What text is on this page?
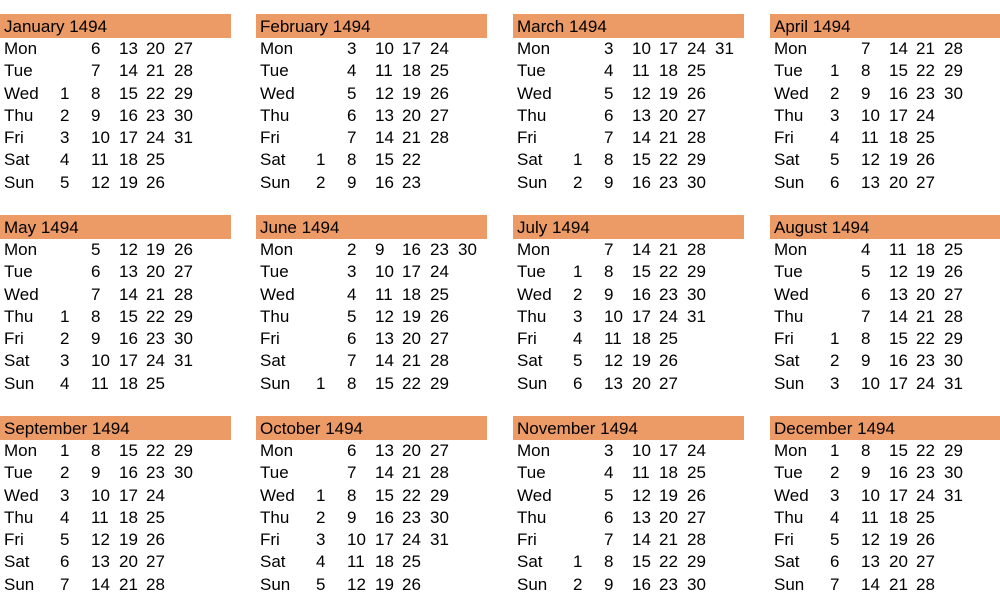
January 1494
Mon	6 13 20 27
Tue	7 14 21 28
Wed 1 8 15 22 29
Thu 2 9 16 23 30
Fri 3 10 17 24 31
Sat 4 11 18 25
Sun 5 12 19 26
February 1494
Mon	3 10 17 24
Tue	4 11 18 25
Wed	5 12 19 26
Thu	6 13 20 27
Fri	7 14 21 28
Sat 1 8 15 22
Sun 2 9 16 23
March 1494
Mon	3 10 17 24 31
Tue	4 11 18 25
Wed	5 12 19 26
Thu	6 13 20 27
Fri	7 14 21 28
Sat 1 8 15 22 29
Sun 2 9 16 23 30
April 1494
Mon	7 14 21 28
Tue 1 8 15 22 29
Wed 2 9 16 23 30
Thu 3 10 17 24
Fri 4 11 18 25
Sat 5 12 19 26
Sun 6 13 20 27
May 1494
Mon	5 12 19 26
Tue	6 13 20 27
Wed	7 14 21 28
Thu 1 8 15 22 29
Fri 2 9 16 23 30
Sat 3 10 17 24 31
Sun 4 11 18 25
June 1494
Mon	2 9 16 23 30
Tue	3 10 17 24
Wed	4 11 18 25
Thu	5 12 19 26
Fri	6 13 20 27
Sat	7 14 21 28
Sun 1 8 15 22 29
July 1494
Mon	7 14 21 28
Tue 1 8 15 22 29
Wed 2 9 16 23 30
Thu 3 10 17 24 31
Fri 4 11 18 25
Sat 5 12 19 26
Sun 6 13 20 27
August 1494
Mon	4 11 18 25
Tue	5 12 19 26
Wed	6 13 20 27
Thu	7 14 21 28
Fri 1 8 15 22 29
Sat 2 9 16 23 30
Sun 3 10 17 24 31
September 1494
Mon 1 8 15 22 29
Tue 2 9 16 23 30
Wed 3 10 17 24
Thu 4 11 18 25
Fri 5 12 19 26
Sat 6 13 20 27
Sun 7 14 21 28
October 1494
Mon	6 13 20 27
Tue	7 14 21 28
Wed 1 8 15 22 29
Thu 2 9 16 23 30
Fri 3 10 17 24 31
Sat 4 11 18 25
Sun 5 12 19 26
November 1494
Mon	3 10 17 24
Tue	4 11 18 25
Wed	5 12 19 26
Thu	6 13 20 27
Fri	7 14 21 28
Sat 1 8 15 22 29
Sun 2 9 16 23 30
December 1494
Mon 1 8 15 22 29
Tue 2 9 16 23 30
Wed 3 10 17 24 31
Thu 4 11 18 25
Fri 5 12 19 26
Sat 6 13 20 27
Sun 7 14 21 28
